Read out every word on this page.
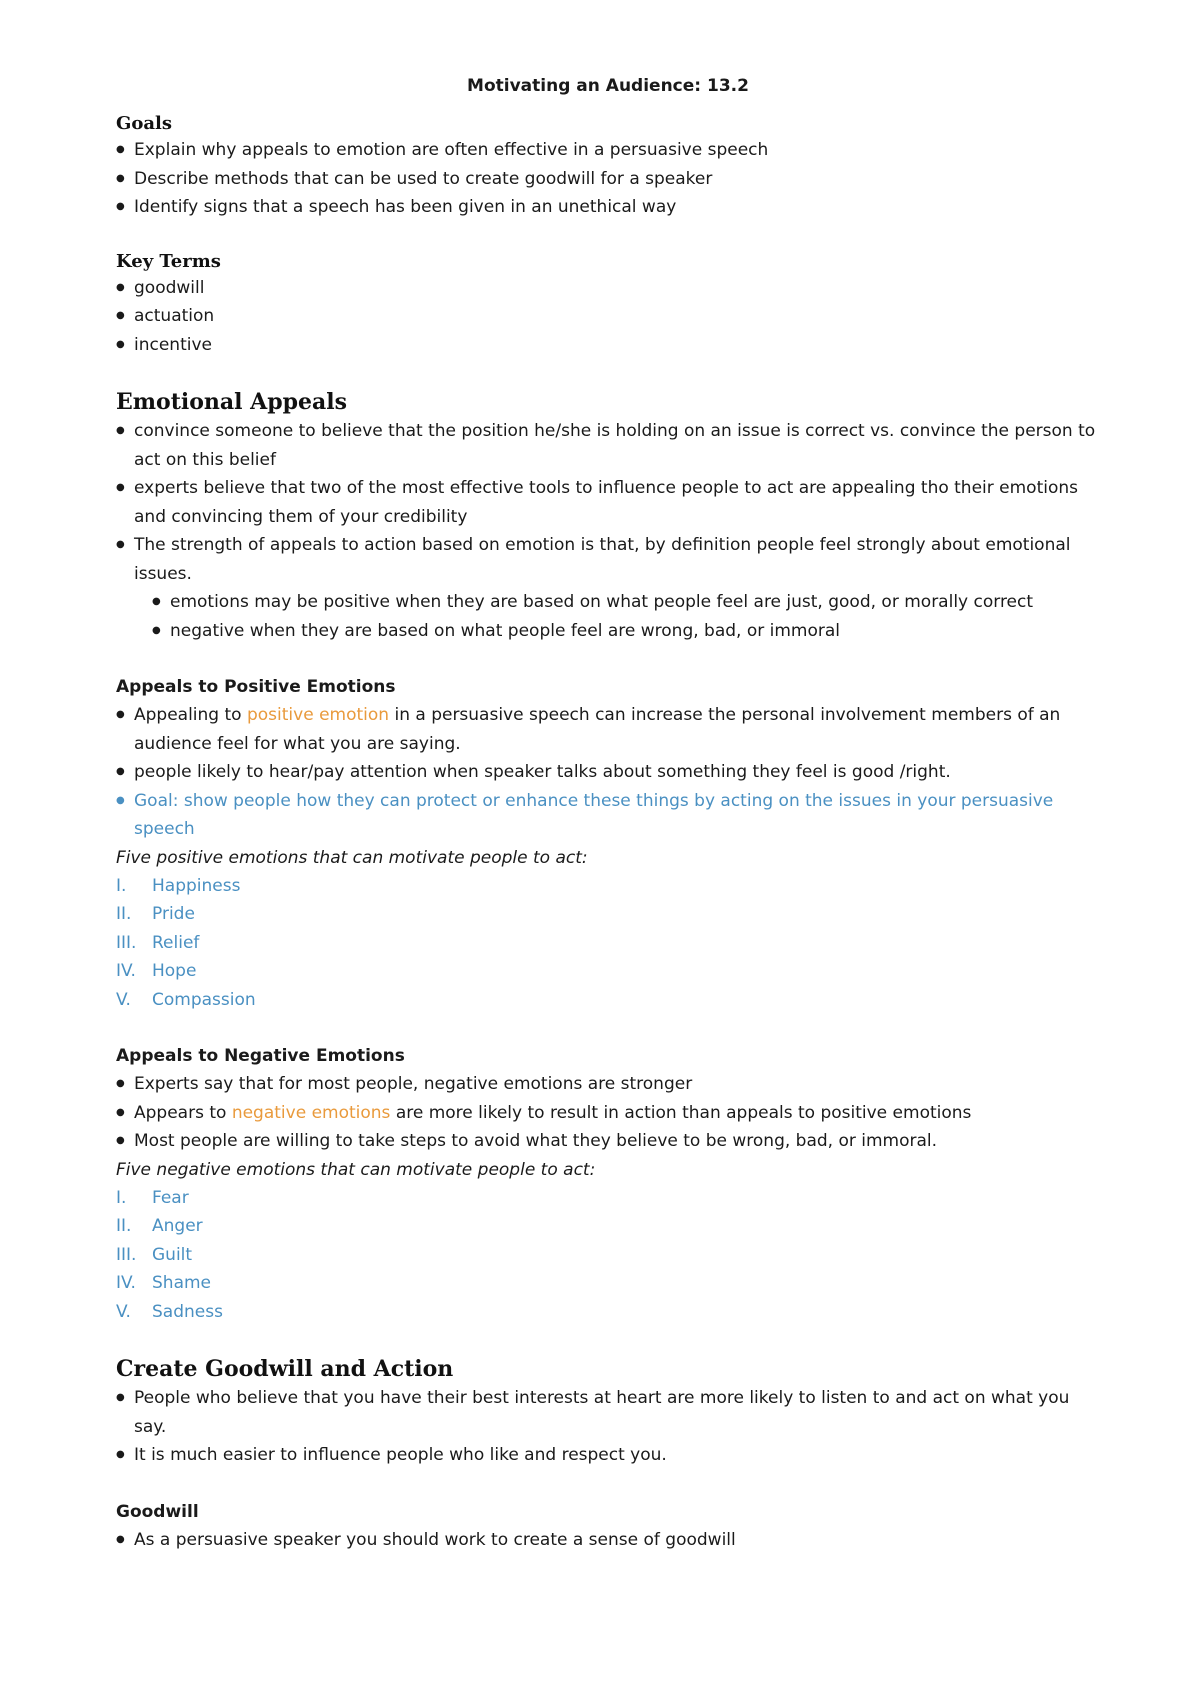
Motivating an Audience: 13.2
Goals
● Explain why appeals to emotion are often effective in a persuasive speech
● Describe methods that can be used to create goodwill for a speaker
● Identify signs that a speech has been given in an unethical way
Key Terms
● goodwill
● actuation
● incentive
Emotional Appeals
● convince someone to believe that the position he/she is holding on an issue is correct vs. convince the person to act on this belief
● experts believe that two of the most effective tools to influence people to act are appealing tho their emotions and convincing them of your credibility
● The strength of appeals to action based on emotion is that, by definition people feel strongly about emotional issues.
● emotions may be positive when they are based on what people feel are just, good, or morally correct
● negative when they are based on what people feel are wrong, bad, or immoral
Appeals to Positive Emotions
● Appealing to positive emotion in a persuasive speech can increase the personal involvement members of an audience feel for what you are saying.
● people likely to hear/pay attention when speaker talks about something they feel is good /right.
● Goal: show people how they can protect or enhance these things by acting on the issues in your persuasive speech
Five positive emotions that can motivate people to act:
I.	Happiness
II.	Pride
III. Relief
IV. Hope
V.	Compassion
Appeals to Negative Emotions
● Experts say that for most people, negative emotions are stronger
● Appears to negative emotions are more likely to result in action than appeals to positive emotions
● Most people are willing to take steps to avoid what they believe to be wrong, bad, or immoral.
Five negative emotions that can motivate people to act:
I.	Fear
II.	Anger
III. Guilt
IV. Shame
V.	Sadness
Create Goodwill and Action
● People who believe that you have their best interests at heart are more likely to listen to and act on what you say.
● It is much easier to influence people who like and respect you.
Goodwill
● As a persuasive speaker you should work to create a sense of goodwill
